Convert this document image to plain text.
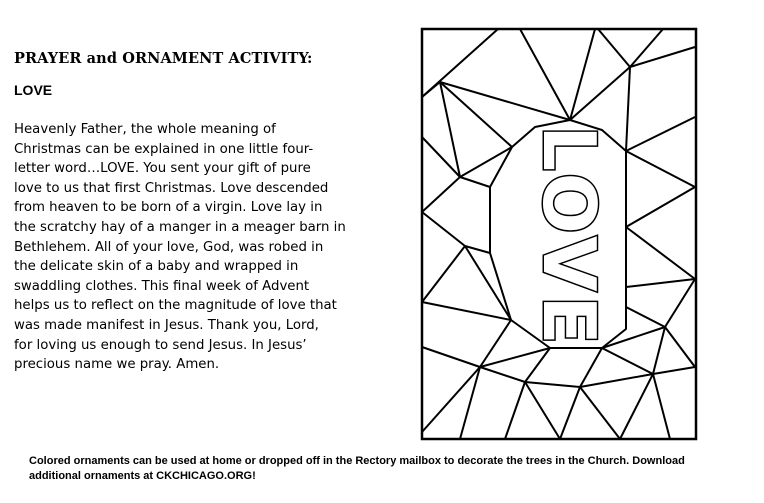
PRAYER and ORNAMENT ACTIVITY:
LOVE
Heavenly Father, the whole meaning of
Christmas can be explained in one little four-
letter word…LOVE. You sent your gift of pure
love to us that first Christmas. Love descended
from heaven to be born of a virgin. Love lay in
the scratchy hay of a manger in a meager barn in
Bethlehem. All of your love, God, was robed in
the delicate skin of a baby and wrapped in
swaddling clothes. This final week of Advent
helps us to reflect on the magnitude of love that
was made manifest in Jesus. Thank you, Lord,
for loving us enough to send Jesus. In Jesus’
precious name we pray. Amen.
LOVE
Colored ornaments can be used at home or dropped off in the Rectory mailbox to decorate the trees in the Church. Download
additional ornaments at CKCHICAGO.ORG!
